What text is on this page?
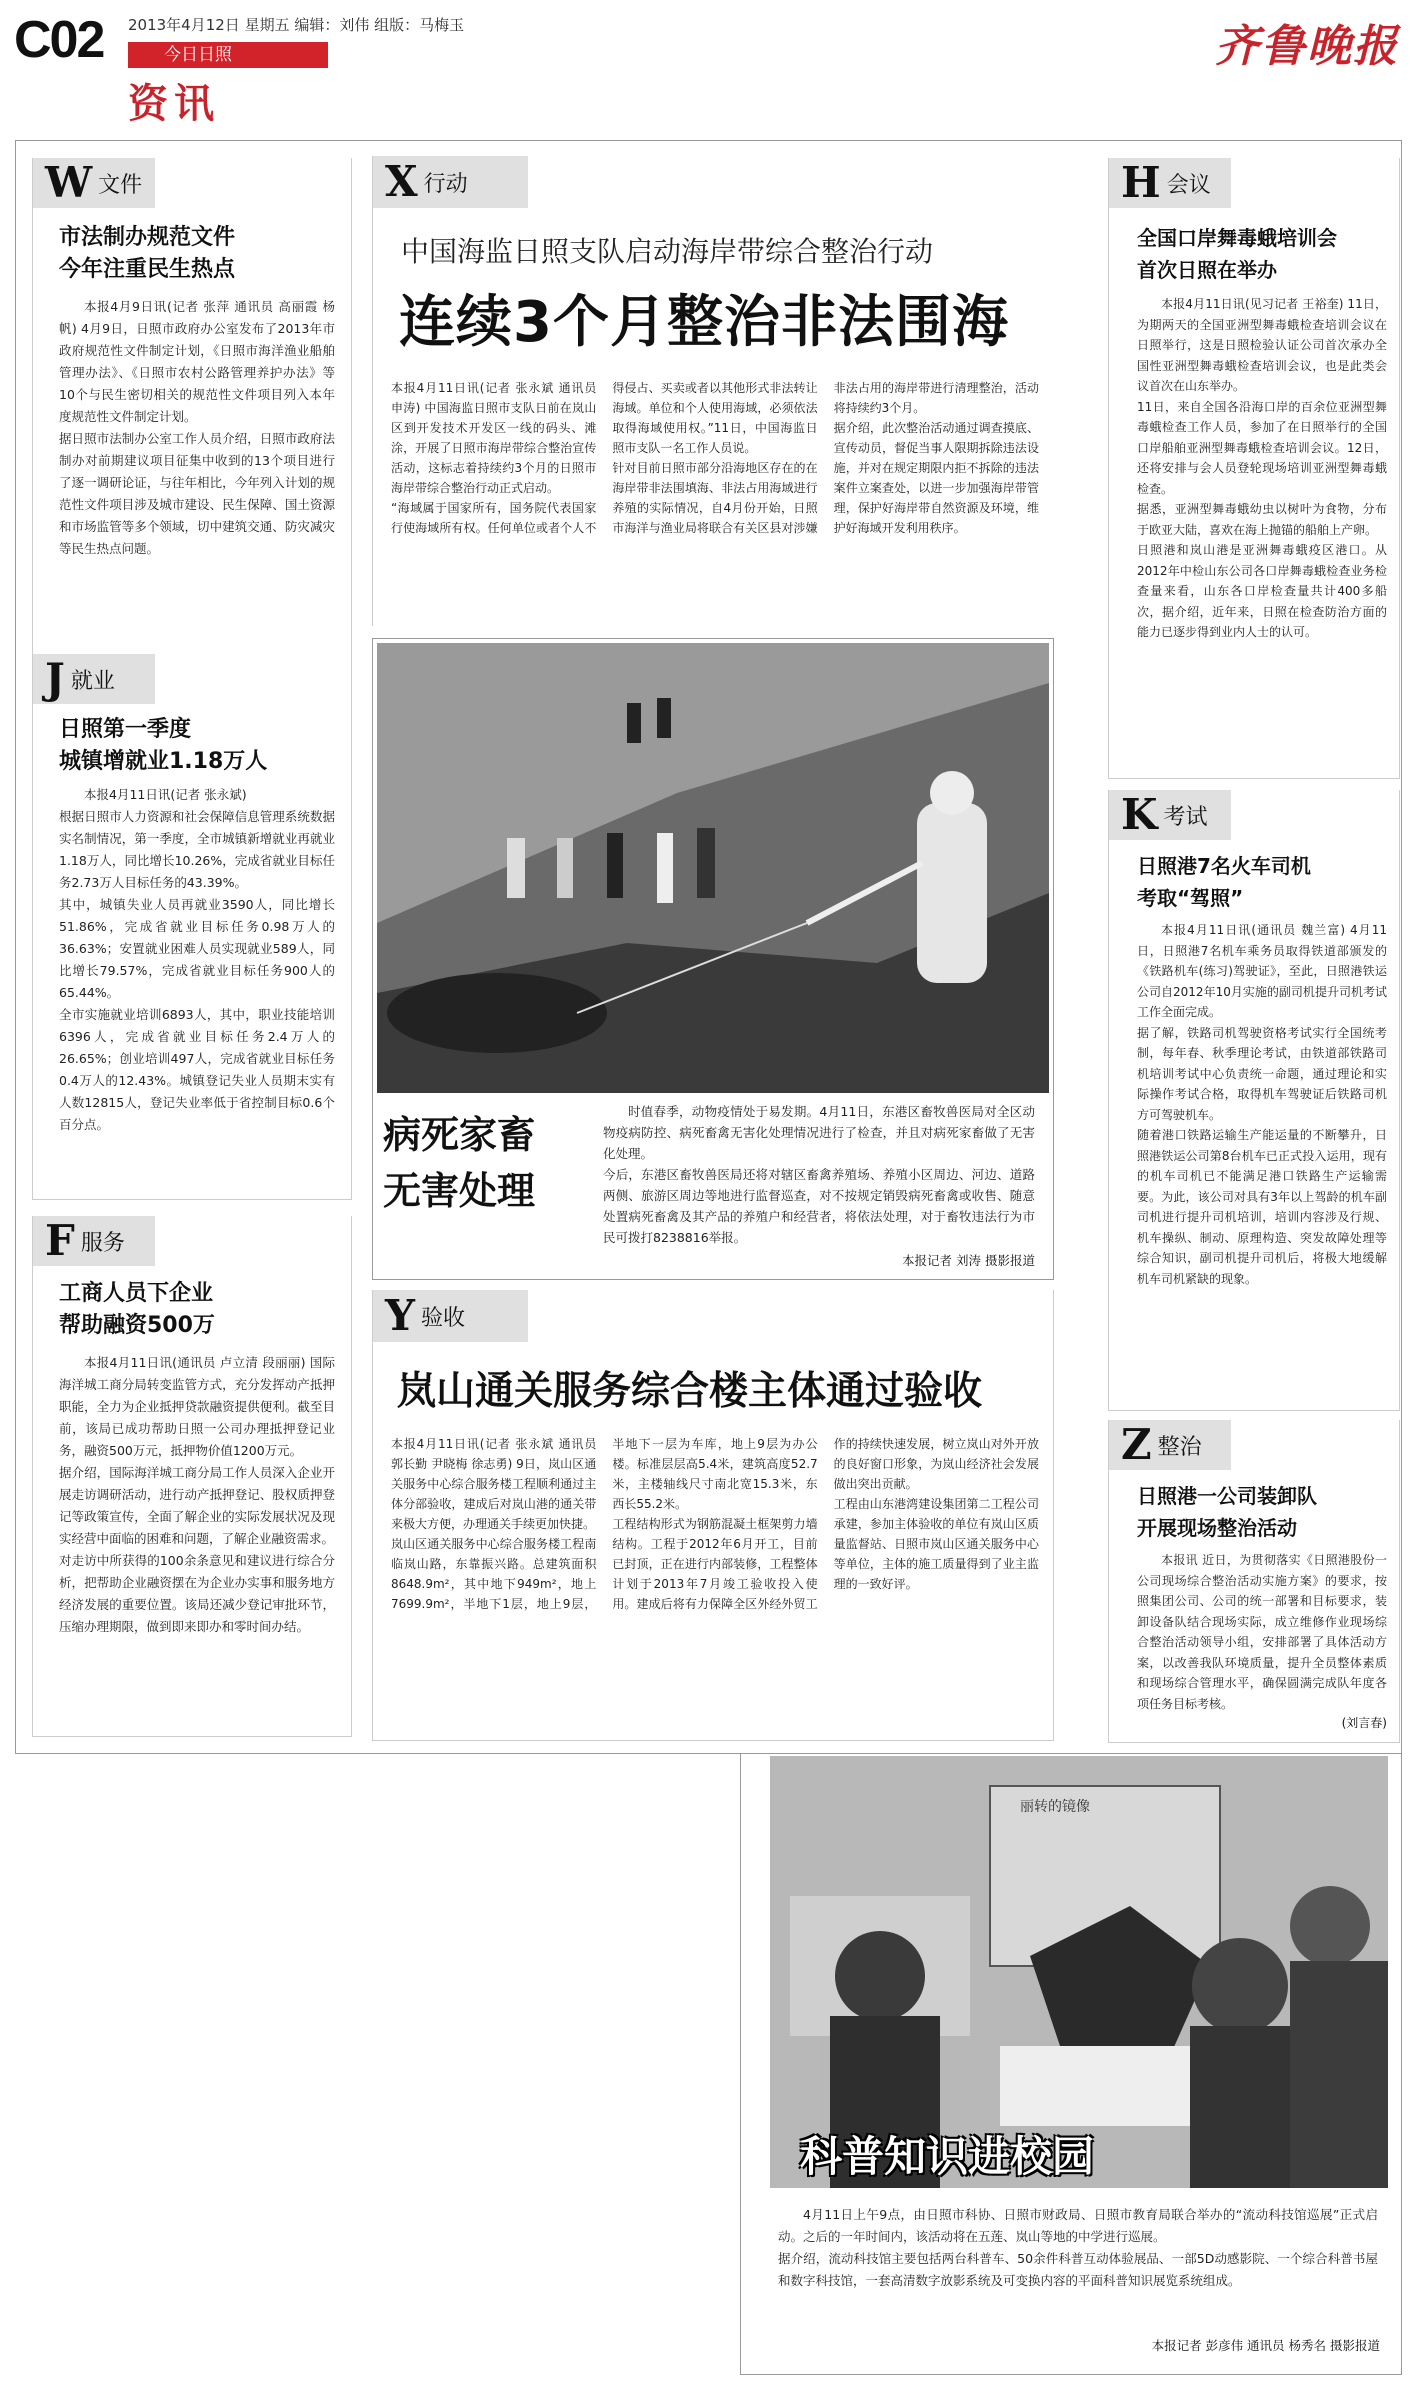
C02 2013年4月12日 星期五 编辑：刘伟 组版：马梅玉
今日日照
资讯
齐鲁晚报
W 文件
市法制办规范文件
今年注重民生热点
本报4月9日讯(记者 张萍 通讯员 高丽霞 杨帆) 4月9日，日照市政府办公室发布了2013年市政府规范性文件制定计划，《日照市海洋渔业船舶管理办法》、《日照市农村公路管理养护办法》等10个与民生密切相关的规范性文件项目列入本年度规范性文件制定计划。
据日照市法制办公室工作人员介绍，日照市政府法制办对前期建议项目征集中收到的13个项目进行了逐一调研论证，与往年相比，今年列入计划的规范性文件项目涉及城市建设、民生保障、国土资源和市场监管等多个领域，切中建筑交通、防灾减灾等民生热点问题。
J 就业
日照第一季度
城镇增就业1.18万人
本报4月11日讯(记者 张永斌)
根据日照市人力资源和社会保障信息管理系统数据实名制情况，第一季度，全市城镇新增就业再就业1.18万人，同比增长10.26%，完成省就业目标任务2.73万人目标任务的43.39%。
其中，城镇失业人员再就业3590人，同比增长51.86%，完成省就业目标任务0.98万人的36.63%；安置就业困难人员实现就业589人，同比增长79.57%，完成省就业目标任务900人的65.44%。
全市实施就业培训6893人，其中，职业技能培训6396人，完成省就业目标任务2.4万人的26.65%；创业培训497人，完成省就业目标任务0.4万人的12.43%。城镇登记失业人员期末实有人数12815人，登记失业率低于省控制目标0.6个百分点。
F 服务
工商人员下企业
帮助融资500万
本报4月11日讯(通讯员 卢立清 段丽丽) 国际海洋城工商分局转变监管方式，充分发挥动产抵押职能，全力为企业抵押贷款融资提供便利。截至目前，该局已成功帮助日照一公司办理抵押登记业务，融资500万元，抵押物价值1200万元。
据介绍，国际海洋城工商分局工作人员深入企业开展走访调研活动，进行动产抵押登记、股权质押登记等政策宣传，全面了解企业的实际发展状况及现实经营中面临的困难和问题，了解企业融资需求。
对走访中所获得的100余条意见和建议进行综合分析，把帮助企业融资摆在为企业办实事和服务地方经济发展的重要位置。该局还减少登记审批环节，压缩办理期限，做到即来即办和零时间办结。
X 行动
中国海监日照支队启动海岸带综合整治行动
连续3个月整治非法围海
本报4月11日讯(记者 张永斌 通讯员 申涛) 中国海监日照市支队日前在岚山区到开发技术开发区一线的码头、滩涂，开展了日照市海岸带综合整治宣传活动，这标志着持续约3个月的日照市海岸带综合整治行动正式启动。
“海域属于国家所有，国务院代表国家行使海域所有权。任何单位或者个人不得侵占、买卖或者以其他形式非法转让海域。单位和个人使用海域，必须依法取得海域使用权。”11日，中国海监日照市支队一名工作人员说。
针对目前日照市部分沿海地区存在的在海岸带非法围填海、非法占用海域进行养殖的实际情况，自4月份开始，日照市海洋与渔业局将联合有关区县对涉嫌非法占用的海岸带进行清理整治，活动将持续约3个月。
据介绍，此次整治活动通过调查摸底、宣传动员，督促当事人限期拆除违法设施，并对在规定期限内拒不拆除的违法案件立案查处，以进一步加强海岸带管理，保护好海岸带自然资源及环境，维护好海域开发利用秩序。
病死家畜
无害处理
时值春季，动物疫情处于易发期。4月11日，东港区畜牧兽医局对全区动物疫病防控、病死畜禽无害化处理情况进行了检查，并且对病死家畜做了无害化处理。
今后，东港区畜牧兽医局还将对辖区畜禽养殖场、养殖小区周边、河边、道路两侧、旅游区周边等地进行监督巡查，对不按规定销毁病死畜禽或收售、随意处置病死畜禽及其产品的养殖户和经营者，将依法处理，对于畜牧违法行为市民可拨打8238816举报。
本报记者 刘涛 摄影报道
Y 验收
岚山通关服务综合楼主体通过验收
本报4月11日讯(记者 张永斌 通讯员 郭长勤 尹晓梅 徐志勇) 9日，岚山区通关服务中心综合服务楼工程顺利通过主体分部验收，建成后对岚山港的通关带来极大方便，办理通关手续更加快捷。
岚山区通关服务中心综合服务楼工程南临岚山路，东靠振兴路。总建筑面积8648.9m²，其中地下949m²，地上7699.9m²，半地下1层，地上9层，半地下一层为车库，地上9层为办公楼。标准层层高5.4米，建筑高度52.7米，主楼轴线尺寸南北宽15.3米，东西长55.2米。
工程结构形式为钢筋混凝土框架剪力墙结构。工程于2012年6月开工，目前已封顶，正在进行内部装修，工程整体计划于2013年7月竣工验收投入使用。建成后将有力保障全区外经外贸工作的持续快速发展，树立岚山对外开放的良好窗口形象，为岚山经济社会发展做出突出贡献。
工程由山东港湾建设集团第二工程公司承建，参加主体验收的单位有岚山区质量监督站、日照市岚山区通关服务中心等单位，主体的施工质量得到了业主监理的一致好评。
H 会议
全国口岸舞毒蛾培训会
首次日照在举办
本报4月11日讯(见习记者 王裕奎) 11日，为期两天的全国亚洲型舞毒蛾检查培训会议在日照举行，这是日照检验认证公司首次承办全国性亚洲型舞毒蛾检查培训会议，也是此类会议首次在山东举办。
11日，来自全国各沿海口岸的百余位亚洲型舞毒蛾检查工作人员，参加了在日照举行的全国口岸船舶亚洲型舞毒蛾检查培训会议。12日，还将安排与会人员登轮现场培训亚洲型舞毒蛾检查。
据悉，亚洲型舞毒蛾幼虫以树叶为食物，分布于欧亚大陆，喜欢在海上抛锚的船舶上产卵。
日照港和岚山港是亚洲舞毒蛾疫区港口。从2012年中检山东公司各口岸舞毒蛾检查业务检查量来看，山东各口岸检查量共计400多船次，据介绍，近年来，日照在检查防治方面的能力已逐步得到业内人士的认可。
K 考试
日照港7名火车司机
考取“驾照”
本报4月11日讯(通讯员 魏兰富) 4月11日，日照港7名机车乘务员取得铁道部颁发的《铁路机车(练习)驾驶证》，至此，日照港铁运公司自2012年10月实施的副司机提升司机考试工作全面完成。
据了解，铁路司机驾驶资格考试实行全国统考制，每年春、秋季理论考试，由铁道部铁路司机培训考试中心负责统一命题，通过理论和实际操作考试合格，取得机车驾驶证后铁路司机方可驾驶机车。
随着港口铁路运输生产能运量的不断攀升，日照港铁运公司第8台机车已正式投入运用，现有的机车司机已不能满足港口铁路生产运输需要。为此，该公司对具有3年以上驾龄的机车副司机进行提升司机培训，培训内容涉及行规、机车操纵、制动、原理构造、突发故障处理等综合知识，副司机提升司机后，将极大地缓解机车司机紧缺的现象。
Z 整治
日照港一公司装卸队
开展现场整治活动
本报讯 近日，为贯彻落实《日照港股份一公司现场综合整治活动实施方案》的要求，按照集团公司、公司的统一部署和目标要求，装卸设备队结合现场实际，成立维修作业现场综合整治活动领导小组，安排部署了具体活动方案，以改善我队环境质量，提升全员整体素质和现场综合管理水平，确保圆满完成队年度各项任务目标考核。
(刘言春)
丽转的镜像
科普知识进校园
4月11日上午9点，由日照市科协、日照市财政局、日照市教育局联合举办的“流动科技馆巡展”正式启动。之后的一年时间内，该活动将在五莲、岚山等地的中学进行巡展。
据介绍，流动科技馆主要包括两台科普车、50余件科普互动体验展品、一部5D动感影院、一个综合科普书屋和数字科技馆，一套高清数字放影系统及可变换内容的平面科普知识展览系统组成。
本报记者 彭彦伟 通讯员 杨秀名 摄影报道
